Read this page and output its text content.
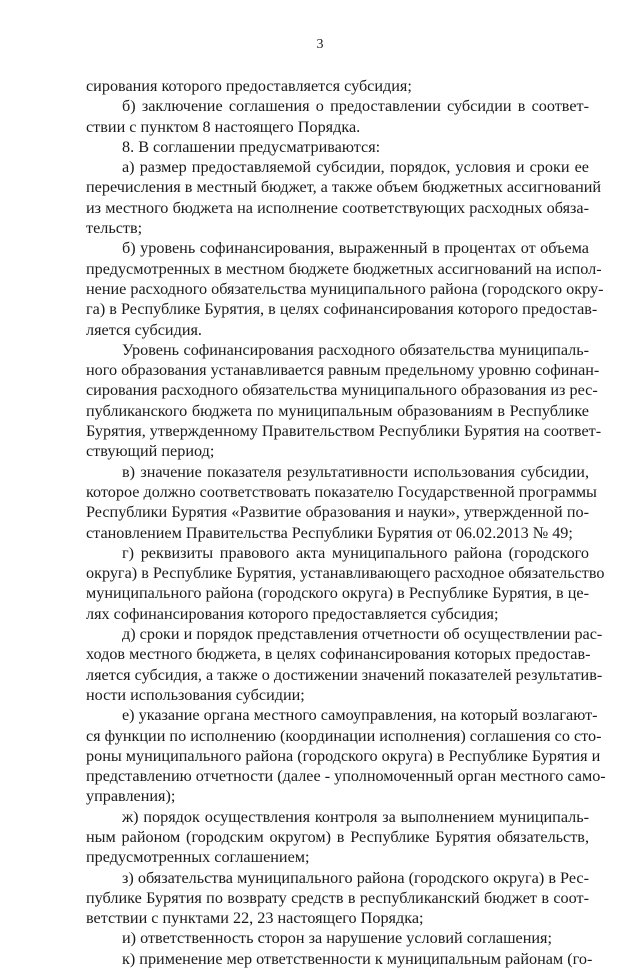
3
сирования которого предоставляется субсидия;
б) заключение соглашения о предоставлении субсидии в соответ-
ствии с пунктом 8 настоящего Порядка.
8. В соглашении предусматриваются:
а) размер предоставляемой субсидии, порядок, условия и сроки ее
перечисления в местный бюджет, а также объем бюджетных ассигнований
из местного бюджета на исполнение соответствующих расходных обяза-
тельств;
б) уровень софинансирования, выраженный в процентах от объема
предусмотренных в местном бюджете бюджетных ассигнований на испол-
нение расходного обязательства муниципального района (городского окру-
га) в Республике Бурятия, в целях софинансирования которого предостав-
ляется субсидия.
Уровень софинансирования расходного обязательства муниципаль-
ного образования устанавливается равным предельному уровню софинан-
сирования расходного обязательства муниципального образования из рес-
публиканского бюджета по муниципальным образованиям в Республике
Бурятия, утвержденному Правительством Республики Бурятия на соответ-
ствующий период;
в) значение показателя результативности использования субсидии,
которое должно соответствовать показателю Государственной программы
Республики Бурятия «Развитие образования и науки», утвержденной по-
становлением Правительства Республики Бурятия от 06.02.2013 № 49;
г) реквизиты правового акта муниципального района (городского
округа) в Республике Бурятия, устанавливающего расходное обязательство
муниципального района (городского округа) в Республике Бурятия, в це-
лях софинансирования которого предоставляется субсидия;
д) сроки и порядок представления отчетности об осуществлении рас-
ходов местного бюджета, в целях софинансирования которых предостав-
ляется субсидия, а также о достижении значений показателей результатив-
ности использования субсидии;
е) указание органа местного самоуправления, на который возлагают-
ся функции по исполнению (координации исполнения) соглашения со сто-
роны муниципального района (городского округа) в Республике Бурятия и
представлению отчетности (далее - уполномоченный орган местного само-
управления);
ж) порядок осуществления контроля за выполнением муниципаль-
ным районом (городским округом) в Республике Бурятия обязательств,
предусмотренных соглашением;
з) обязательства муниципального района (городского округа) в Рес-
публике Бурятия по возврату средств в республиканский бюджет в соот-
ветствии с пунктами 22, 23 настоящего Порядка;
и) ответственность сторон за нарушение условий соглашения;
к) применение мер ответственности к муниципальным районам (го-
